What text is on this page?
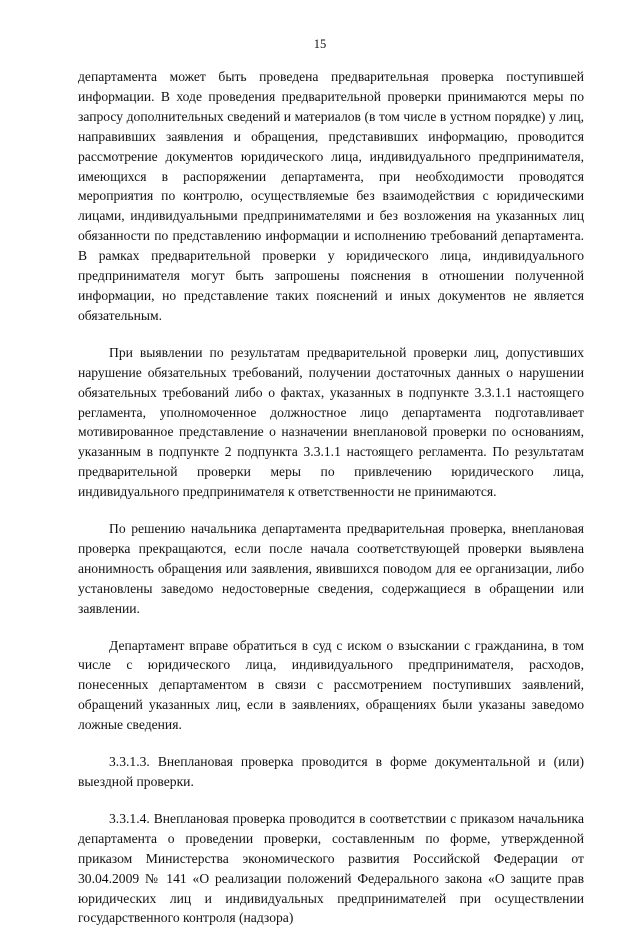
15

департамента может быть проведена предварительная проверка поступившей информации. В ходе проведения предварительной проверки принимаются меры по запросу дополнительных сведений и материалов (в том числе в устном порядке) у лиц, направивших заявления и обращения, представивших информацию, проводится рассмотрение документов юридического лица, индивидуального предпринимателя, имеющихся в распоряжении департамента, при необходимости проводятся мероприятия по контролю, осуществляемые без взаимодействия с юридическими лицами, индивидуальными предпринимателями и без возложения на указанных лиц обязанности по представлению информации и исполнению требований департамента. В рамках предварительной проверки у юридического лица, индивидуального предпринимателя могут быть запрошены пояснения в отношении полученной информации, но представление таких пояснений и иных документов не является обязательным.

При выявлении по результатам предварительной проверки лиц, допустивших нарушение обязательных требований, получении достаточных данных о нарушении обязательных требований либо о фактах, указанных в подпункте 3.3.1.1 настоящего регламента, уполномоченное должностное лицо департамента подготавливает мотивированное представление о назначении внеплановой проверки по основаниям, указанным в подпункте 2 подпункта 3.3.1.1 настоящего регламента. По результатам предварительной проверки меры по привлечению юридического лица, индивидуального предпринимателя к ответственности не принимаются.

По решению начальника департамента предварительная проверка, внеплановая проверка прекращаются, если после начала соответствующей проверки выявлена анонимность обращения или заявления, явившихся поводом для ее организации, либо установлены заведомо недостоверные сведения, содержащиеся в обращении или заявлении.

Департамент вправе обратиться в суд с иском о взыскании с гражданина, в том числе с юридического лица, индивидуального предпринимателя, расходов, понесенных департаментом в связи с рассмотрением поступивших заявлений, обращений указанных лиц, если в заявлениях, обращениях были указаны заведомо ложные сведения.

3.3.1.3. Внеплановая проверка проводится в форме документальной и (или) выездной проверки.

3.3.1.4. Внеплановая проверка проводится в соответствии с приказом начальника департамента о проведении проверки, составленным по форме, утвержденной приказом Министерства экономического развития Российской Федерации от 30.04.2009 № 141 «О реализации положений Федерального закона «О защите прав юридических лиц и индивидуальных предпринимателей при осуществлении государственного контроля (надзора)
